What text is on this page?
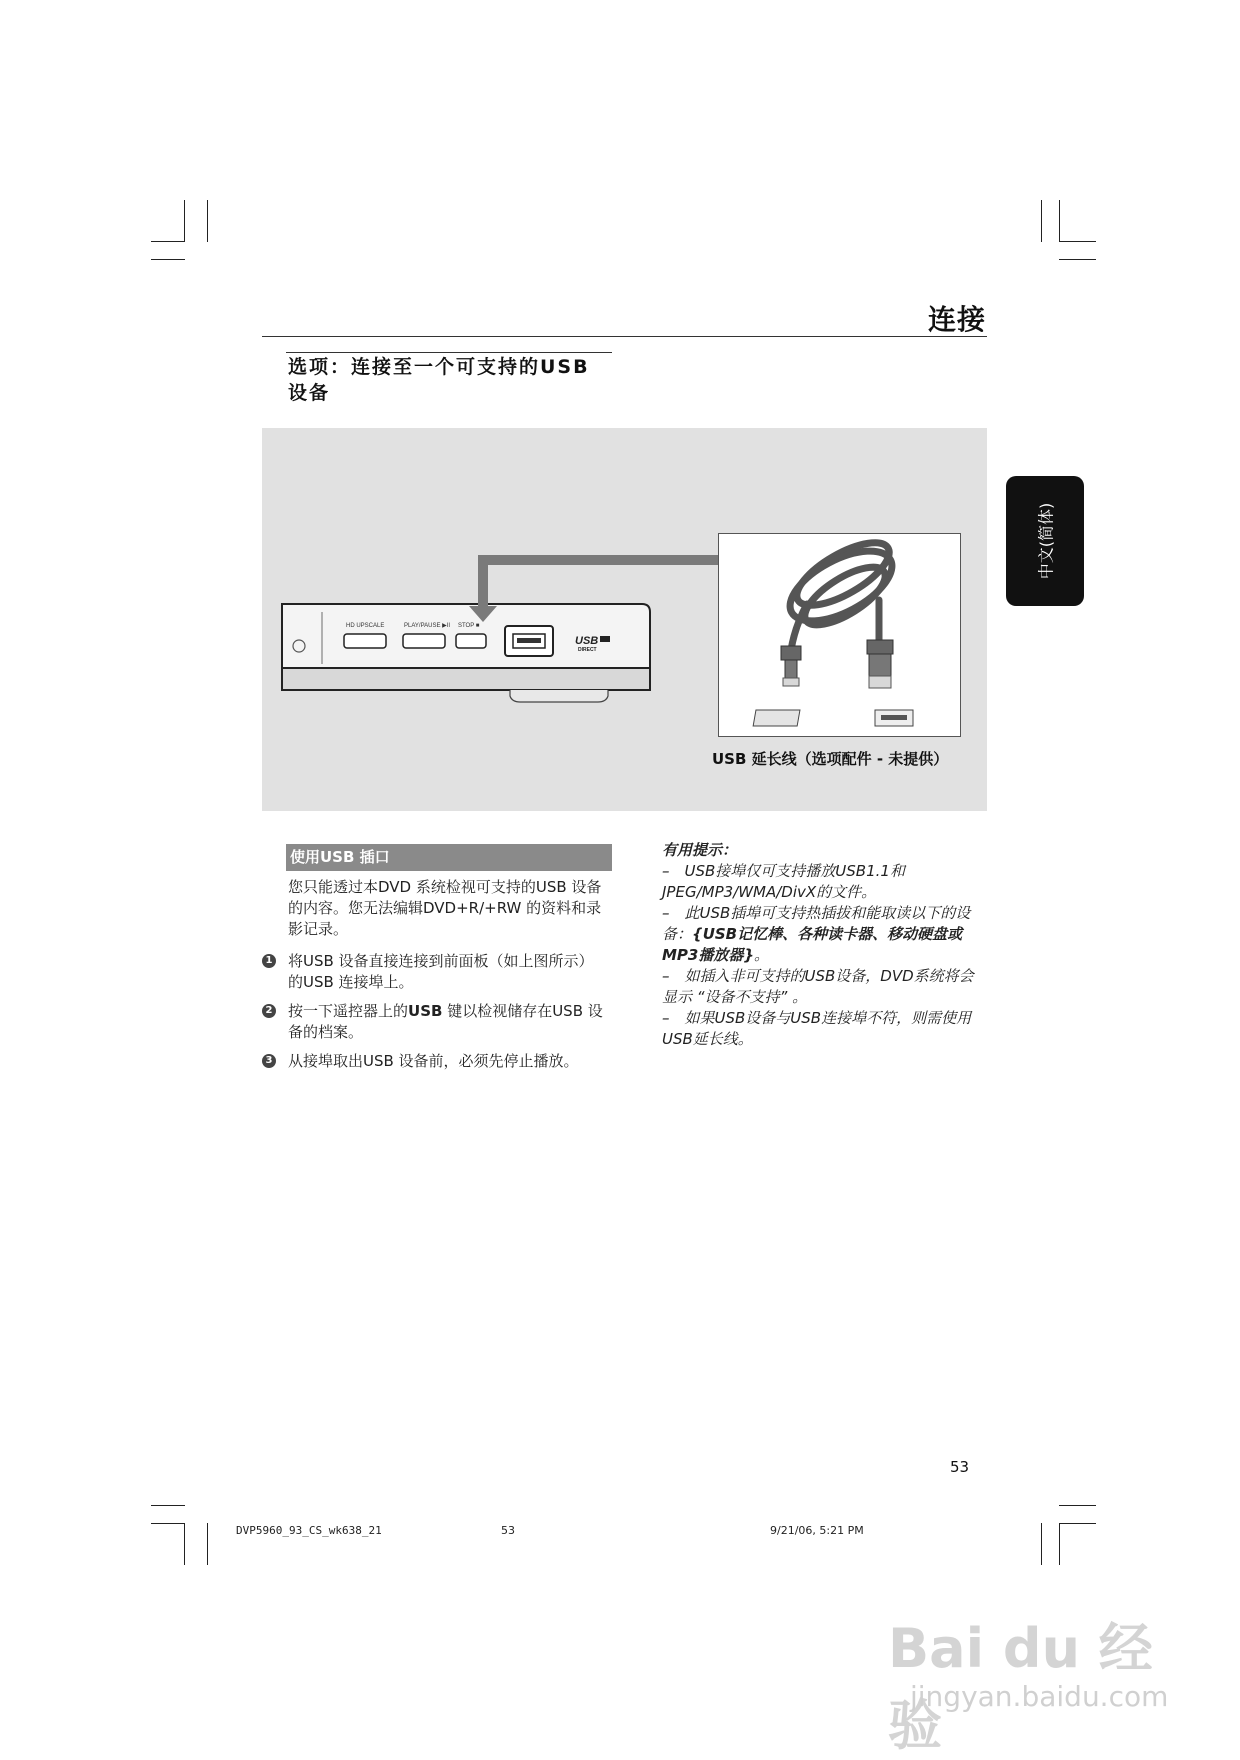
连接
选项：连接至一个可支持的USB
设备
中文(简体)
HD UPSCALE	PLAY/PAUSE ▶II STOP ■
USB
DIRECT
USB 延长线（选项配件 - 未提供）
使用USB 插口
您只能透过本DVD 系统检视可支持的USB 设备的内容。您无法编辑DVD+R/+RW 的资料和录影记录。
1 将USB 设备直接连接到前面板（如上图所示）的USB 连接埠上。
2 按一下遥控器上的USB 键以检视储存在USB 设备的档案。
3 从接埠取出USB 设备前，必须先停止播放。

有用提示：

–　USB接埠仅可支持播放USB1.1和JPEG/MP3/WMA/DivX的文件。

–　此USB插埠可支持热插拔和能取读以下的设备：{USB记忆棒、各种读卡器、移动硬盘或MP3播放器}。

–　如插入非可支持的USB设备，DVD系统将会显示 “设备不支持” 。

–　如果USB设备与USB连接埠不符，则需使用USB延长线。

53
DVP5960_93_CS_wk638_21	53	9/21/06, 5:21 PM
Bai du 经验
jingyan.baidu.com
